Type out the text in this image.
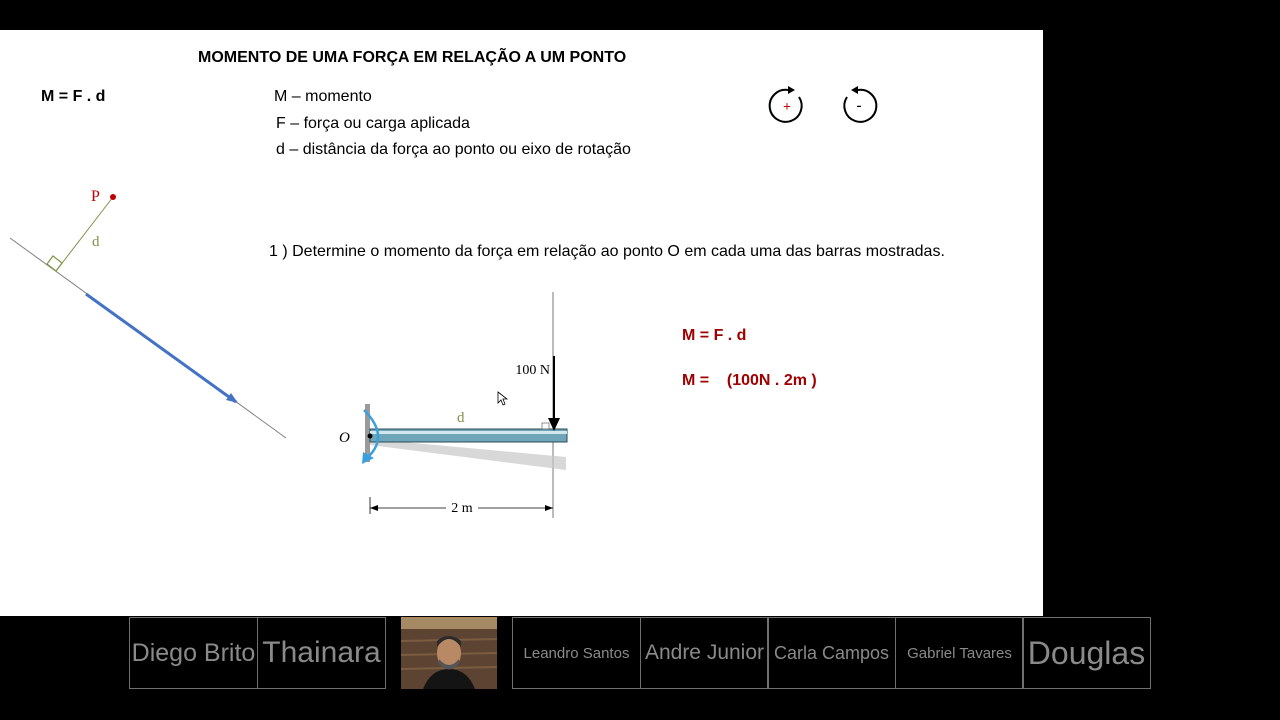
MOMENTO DE UMA FORÇA EM RELAÇÃO A UM PONTO
M = F . d	M – momento
F – força ou carga aplicada
d – distância da força ao ponto ou eixo de rotação
+	-
P
d
1 ) Determine o momento da força em relação ao ponto O em cada uma das barras mostradas.
2 m
100 N
O
d
M = F . d
M =    (100N . 2m )
Diego Brito Thainara	Leandro Santos Andre Junior Carla Campos Gabriel Tavares Douglas
